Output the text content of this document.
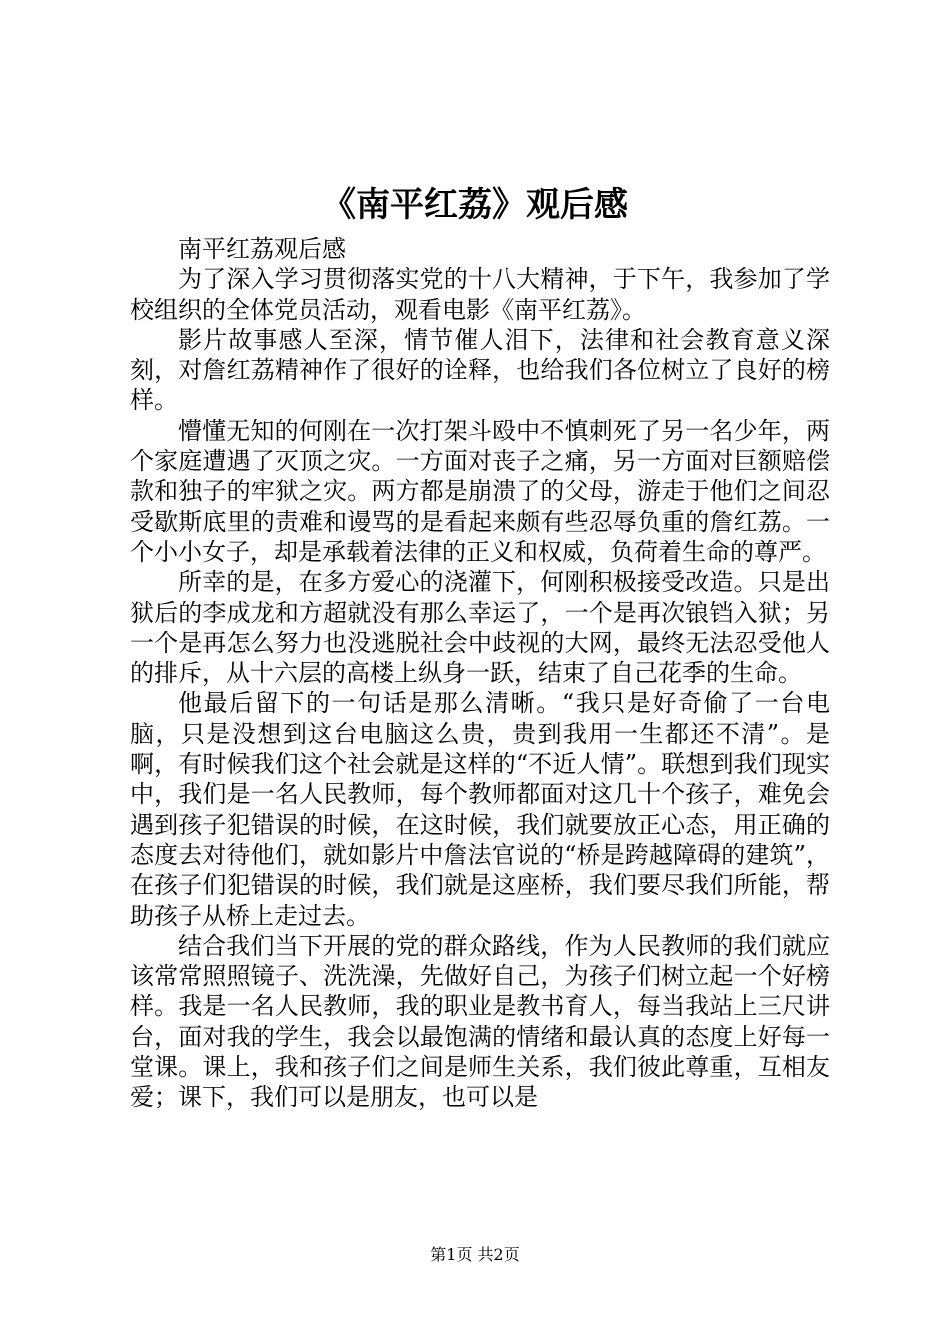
《南平红荔》观后感

南平红荔观后感

为了深入学习贯彻落实党的十八大精神，于下午，我参加了学校组织的全体党员活动，观看电影《南平红荔》。

影片故事感人至深，情节催人泪下，法律和社会教育意义深刻，对詹红荔精神作了很好的诠释，也给我们各位树立了良好的榜样。

懵懂无知的何刚在一次打架斗殴中不慎刺死了另一名少年，两个家庭遭遇了灭顶之灾。一方面对丧子之痛，另一方面对巨额赔偿款和独子的牢狱之灾。两方都是崩溃了的父母，游走于他们之间忍受歇斯底里的责难和谩骂的是看起来颇有些忍辱负重的詹红荔。一个小小女子，却是承载着法律的正义和权威，负荷着生命的尊严。

所幸的是，在多方爱心的浇灌下，何刚积极接受改造。只是出狱后的李成龙和方超就没有那么幸运了，一个是再次锒铛入狱；另一个是再怎么努力也没逃脱社会中歧视的大网，最终无法忍受他人的排斥，从十六层的高楼上纵身一跃，结束了自己花季的生命。

他最后留下的一句话是那么清晰。“我只是好奇偷了一台电脑，只是没想到这台电脑这么贵，贵到我用一生都还不清”。是啊，有时候我们这个社会就是这样的“不近人情”。联想到我们现实中，我们是一名人民教师，每个教师都面对这几十个孩子，难免会遇到孩子犯错误的时候，在这时候，我们就要放正心态，用正确的态度去对待他们，就如影片中詹法官说的“桥是跨越障碍的建筑”，在孩子们犯错误的时候，我们就是这座桥，我们要尽我们所能，帮助孩子从桥上走过去。

结合我们当下开展的党的群众路线，作为人民教师的我们就应该常常照照镜子、洗洗澡，先做好自己，为孩子们树立起一个好榜样。我是一名人民教师，我的职业是教书育人，每当我站上三尺讲台，面对我的学生，我会以最饱满的情绪和最认真的态度上好每一堂课。课上，我和孩子们之间是师生关系，我们彼此尊重，互相友爱；课下，我们可以是朋友，也可以是

第1页 共2页
